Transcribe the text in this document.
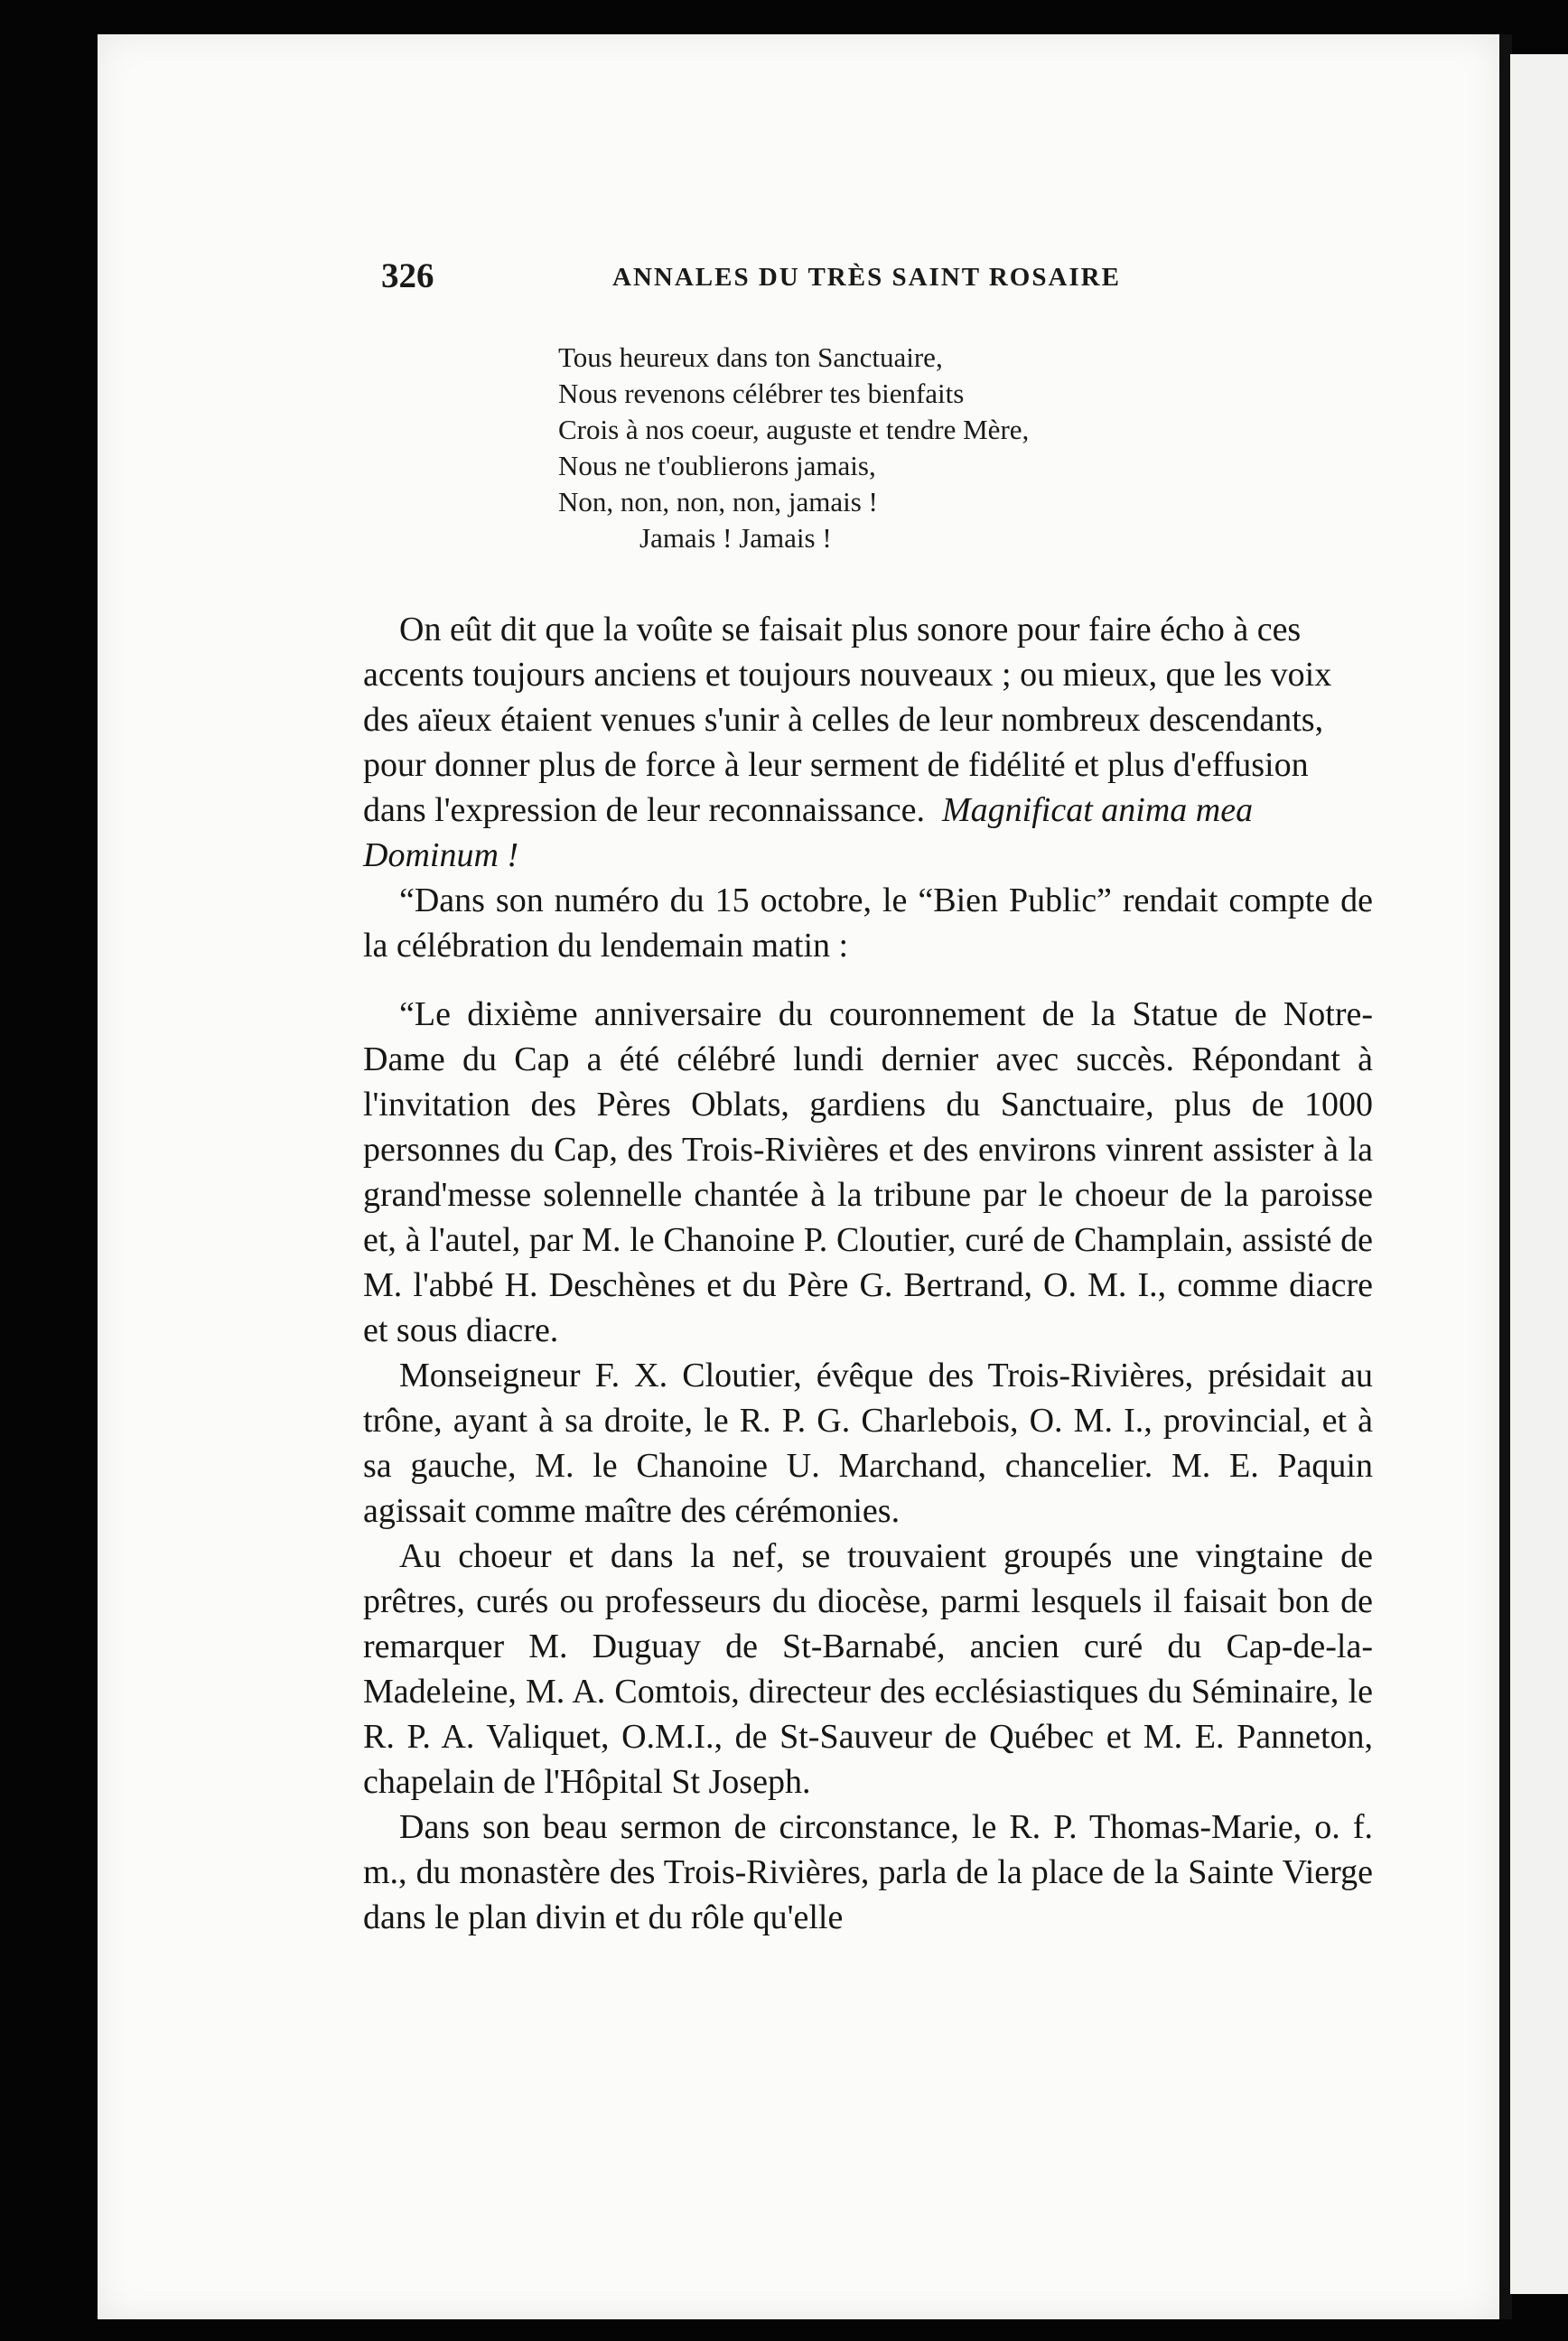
326	ANNALES DU TRÈS SAINT ROSAIRE
Tous heureux dans ton Sanctuaire,
Nous revenons célébrer tes bienfaits
Crois à nos coeur, auguste et tendre Mère,
Nous ne t'oublierons jamais,
Non, non, non, non, jamais !
Jamais ! Jamais !

On eût dit que la voûte se faisait plus sonore pour faire écho à ces accents toujours anciens et toujours nouveaux ; ou mieux, que les voix des aïeux étaient venues s'unir à celles de leur nombreux descendants, pour donner plus de force à leur serment de fidélité et plus d'effusion dans l'expression de leur reconnaissance. Magnificat anima mea Dominum !

“Dans son numéro du 15 octobre, le “Bien Public” rendait compte de la célébration du lendemain matin :

“Le dixième anniversaire du couronnement de la Statue de Notre-Dame du Cap a été célébré lundi dernier avec succès. Répondant à l'invitation des Pères Oblats, gardiens du Sanctuaire, plus de 1000 personnes du Cap, des Trois-Rivières et des environs vinrent assister à la grand'messe solennelle chantée à la tribune par le choeur de la paroisse et, à l'autel, par M. le Chanoine P. Cloutier, curé de Champlain, assisté de M. l'abbé H. Deschènes et du Père G. Bertrand, O. M. I., comme diacre et sous diacre.

Monseigneur F. X. Cloutier, évêque des Trois-Rivières, présidait au trône, ayant à sa droite, le R. P. G. Charlebois, O. M. I., provincial, et à sa gauche, M. le Chanoine U. Marchand, chancelier. M. E. Paquin agissait comme maître des cérémonies.

Au choeur et dans la nef, se trouvaient groupés une vingtaine de prêtres, curés ou professeurs du diocèse, parmi lesquels il faisait bon de remarquer M. Duguay de St-Barnabé, ancien curé du Cap-de-la-Madeleine, M. A. Comtois, directeur des ecclésiastiques du Séminaire, le R. P. A. Valiquet, O.M.I., de St-Sauveur de Québec et M. E. Panneton, chapelain de l'Hôpital St Joseph.

Dans son beau sermon de circonstance, le R. P. Thomas-Marie, o. f. m., du monastère des Trois-Rivières, parla de la place de la Sainte Vierge dans le plan divin et du rôle qu'elle
